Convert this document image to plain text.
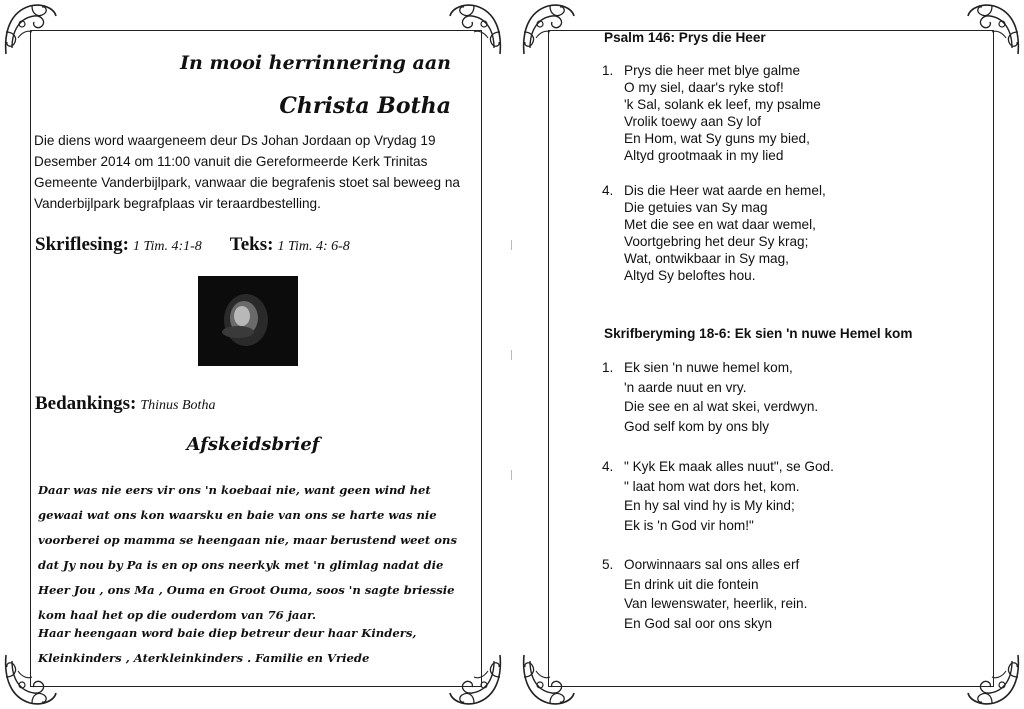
In mooi herrinnering aan

Christa Botha

Die diens word waargeneem deur Ds Johan Jordaan op Vrydag 19 Desember 2014 om 11:00 vanuit die Gereformeerde Kerk Trinitas Gemeente Vanderbijlpark, vanwaar die begrafenis stoet sal beweeg na Vanderbijlpark begrafplaas vir teraardbestelling.

Skriflesing: 1 Tim. 4:1-8 Teks: 1 Tim. 4: 6-8
Bedankings: Thinus Botha

Afskeidsbrief

Daar was nie eers vir ons 'n koebaai nie, want geen wind het gewaai wat ons kon waarsku en baie van ons se harte was nie voorberei op mamma se heengaan nie, maar berustend weet ons dat Jy nou by Pa is en op ons neerkyk met 'n glimlag nadat die Heer Jou , ons Ma , Ouma en Groot Ouma, soos 'n sagte briessie kom haal het op die ouderdom van 76 jaar.

Haar heengaan word baie diep betreur deur haar Kinders, Kleinkinders , Aterkleinkinders . Familie en Vriede

Psalm 146: Prys die Heer

1. Prys die heer met blye galme
O my siel, daar's ryke stof!
'k Sal, solank ek leef, my psalme
Vrolik toewy aan Sy lof
En Hom, wat Sy guns my bied,
Altyd grootmaak in my lied
4. Dis die Heer wat aarde en hemel,
Die getuies van Sy mag
Met die see en wat daar wemel,
Voortgebring het deur Sy krag;
Wat, ontwikbaar in Sy mag,
Altyd Sy beloftes hou.

Skrifberyming 18-6: Ek sien 'n nuwe Hemel kom

1. Ek sien 'n nuwe hemel kom,
'n aarde nuut en vry.
Die see en al wat skei, verdwyn.
God self kom by ons bly
4. " Kyk Ek maak alles nuut", se God.
" laat hom wat dors het, kom.
En hy sal vind hy is My kind;
Ek is 'n God vir hom!"
5. Oorwinnaars sal ons alles erf
En drink uit die fontein
Van lewenswater, heerlik, rein.
En God sal oor ons skyn
